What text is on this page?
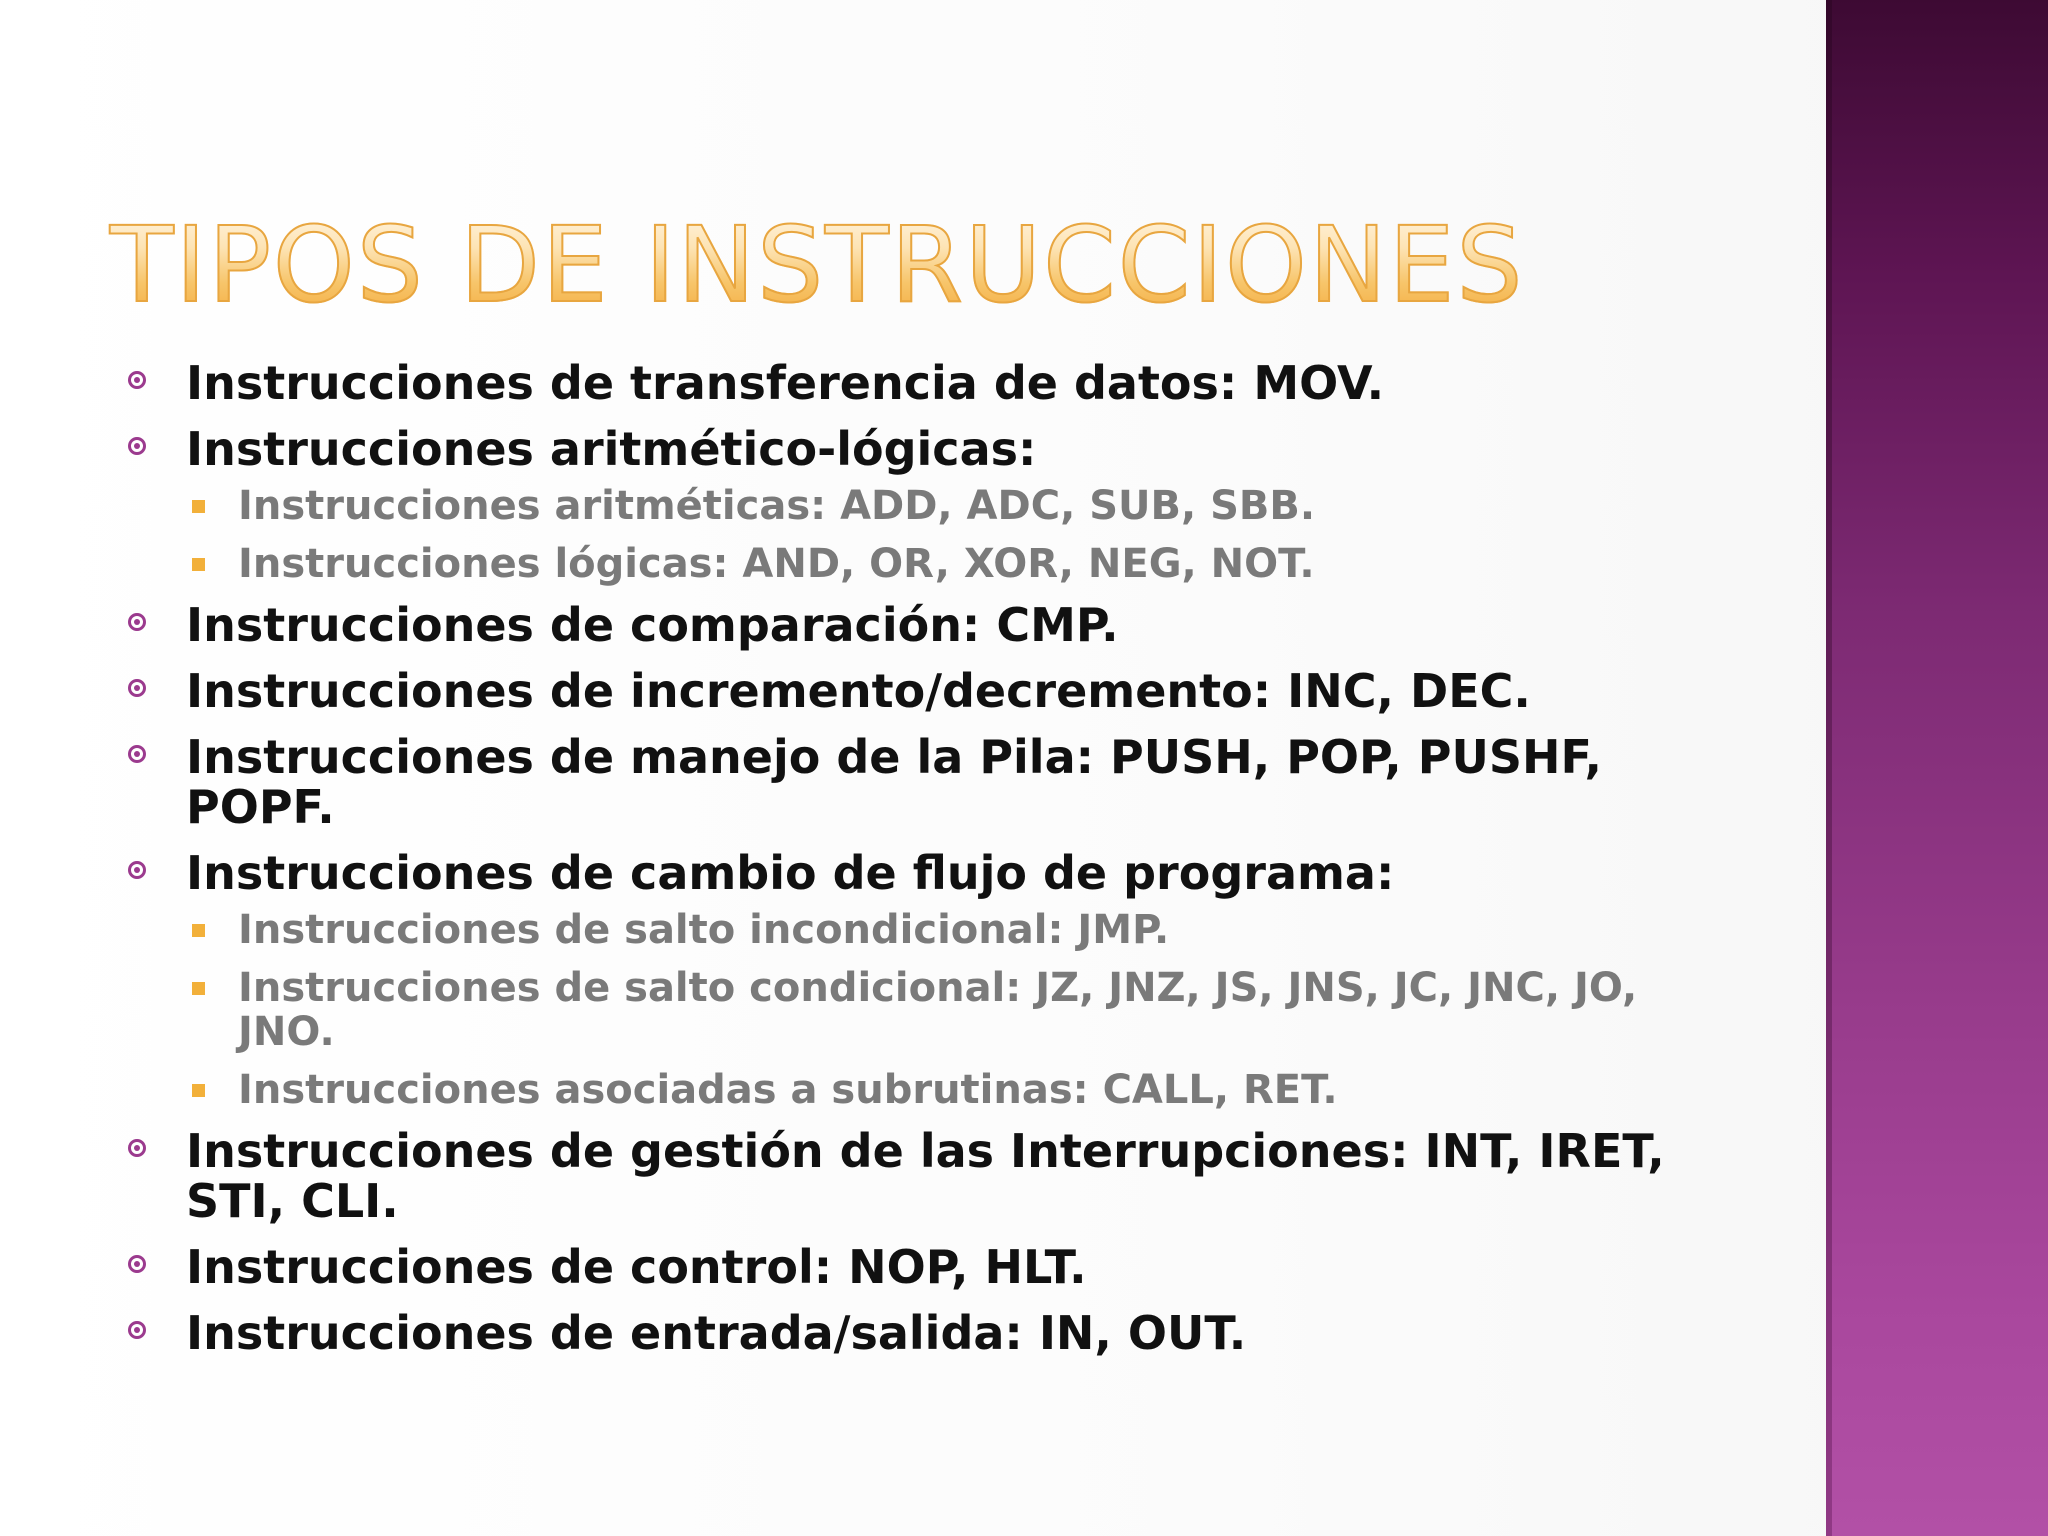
TIPOS DE INSTRUCCIONES
Instrucciones de transferencia de datos: MOV.
Instrucciones aritmético-lógicas:
Instrucciones aritméticas: ADD, ADC, SUB, SBB.
Instrucciones lógicas: AND, OR, XOR, NEG, NOT.
Instrucciones de comparación: CMP.
Instrucciones de incremento/decremento: INC, DEC.
Instrucciones de manejo de la Pila: PUSH, POP, PUSHF, POPF.
Instrucciones de cambio de flujo de programa:
Instrucciones de salto incondicional: JMP.
Instrucciones de salto condicional: JZ, JNZ, JS, JNS, JC, JNC, JO, JNO.
Instrucciones asociadas a subrutinas: CALL, RET.
Instrucciones de gestión de las Interrupciones: INT, IRET, STI, CLI.
Instrucciones de control: NOP, HLT.
Instrucciones de entrada/salida: IN, OUT.
